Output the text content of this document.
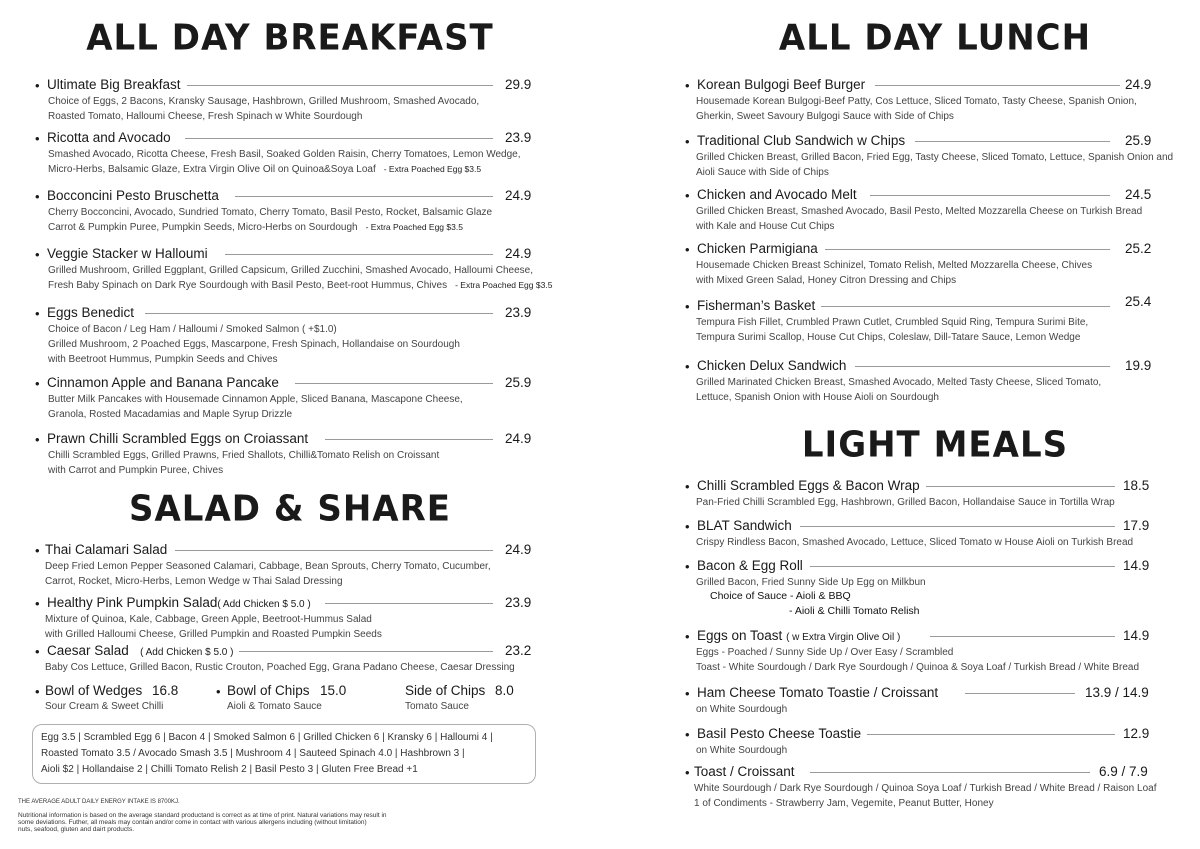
ALL DAY BREAKFAST
• Ultimate Big Breakfast	29.9
Choice of Eggs, 2 Bacons, Kransky Sausage, Hashbrown, Grilled Mushroom, Smashed Avocado,
Roasted Tomato, Halloumi Cheese, Fresh Spinach w White Sourdough
• Ricotta and Avocado	23.9
Smashed Avocado, Ricotta Cheese, Fresh Basil, Soaked Golden Raisin, Cherry Tomatoes, Lemon Wedge,
Micro-Herbs, Balsamic Glaze, Extra Virgin Olive Oil on Quinoa&Soya Loaf - Extra Poached Egg $3.5
• Bocconcini Pesto Bruschetta	24.9
Cherry Bocconcini, Avocado, Sundried Tomato, Cherry Tomato, Basil Pesto, Rocket, Balsamic Glaze
Carrot & Pumpkin Puree, Pumpkin Seeds, Micro-Herbs on Sourdough - Extra Poached Egg $3.5
• Veggie Stacker w Halloumi	24.9
Grilled Mushroom, Grilled Eggplant, Grilled Capsicum, Grilled Zucchini, Smashed Avocado, Halloumi Cheese,
Fresh Baby Spinach on Dark Rye Sourdough with Basil Pesto, Beet-root Hummus, Chives - Extra Poached Egg $3.5
• Eggs Benedict	23.9
Choice of Bacon / Leg Ham / Halloumi / Smoked Salmon ( +$1.0)
Grilled Mushroom, 2 Poached Eggs, Mascarpone, Fresh Spinach, Hollandaise on Sourdough
with Beetroot Hummus, Pumpkin Seeds and Chives
• Cinnamon Apple and Banana Pancake	25.9
Butter Milk Pancakes with Housemade Cinnamon Apple, Sliced Banana, Mascapone Cheese,
Granola, Rosted Macadamias and Maple Syrup Drizzle
• Prawn Chilli Scrambled Eggs on Croiassant	24.9
Chilli Scrambled Eggs, Grilled Prawns, Fried Shallots, Chilli&Tomato Relish on Croissant
with Carrot and Pumpkin Puree, Chives
SALAD & SHARE
• Thai Calamari Salad	24.9
Deep Fried Lemon Pepper Seasoned Calamari, Cabbage, Bean Sprouts, Cherry Tomato, Cucumber,
Carrot, Rocket, Micro-Herbs, Lemon Wedge w Thai Salad Dressing
• Healthy Pink Pumpkin Salad( Add Chicken $ 5.0 )	23.9
Mixture of Quinoa, Kale, Cabbage, Green Apple, Beetroot-Hummus Salad
with Grilled Halloumi Cheese, Grilled Pumpkin and Roasted Pumpkin Seeds
• Caesar Salad ( Add Chicken $ 5.0 )	23.2
Baby Cos Lettuce, Grilled Bacon, Rustic Crouton, Poached Egg, Grana Padano Cheese, Caesar Dressing
• Bowl of Wedges 16.8
Sour Cream & Sweet Chilli
• Bowl of Chips 15.0
Aioli & Tomato Sauce
Side of Chips 8.0
Tomato Sauce
Egg 3.5 | Scrambled Egg 6 | Bacon 4 | Smoked Salmon 6 | Grilled Chicken 6 | Kransky 6 | Halloumi 4 |
Roasted Tomato 3.5 / Avocado Smash 3.5 | Mushroom 4 | Sauteed Spinach 4.0 | Hashbrown 3 |
Aioli $2 | Hollandaise 2 | Chilli Tomato Relish 2 | Basil Pesto 3 | Gluten Free Bread +1
THE AVERAGE ADULT DAILY ENERGY INTAKE IS 8700KJ.
Nutritional information is based on the average standard productand is correct as at time of print. Natural variations may result in
some deviations. Futher, all meals may contain and/or come in contact with various allergens including (without limitation)
nuts, seafood, gluten and dairt products.
ALL DAY LUNCH
• Korean Bulgogi Beef Burger	24.9
Housemade Korean Bulgogi-Beef Patty, Cos Lettuce, Sliced Tomato, Tasty Cheese, Spanish Onion,
Gherkin, Sweet Savoury Bulgogi Sauce with Side of Chips
• Traditional Club Sandwich w Chips	25.9
Grilled Chicken Breast, Grilled Bacon, Fried Egg, Tasty Cheese, Sliced Tomato, Lettuce, Spanish Onion and
Aioli Sauce with Side of Chips
• Chicken and Avocado Melt	24.5
Grilled Chicken Breast, Smashed Avocado, Basil Pesto, Melted Mozzarella Cheese on Turkish Bread
with Kale and House Cut Chips
• Chicken Parmigiana	25.2
Housemade Chicken Breast Schinizel, Tomato Relish, Melted Mozzarella Cheese, Chives
with Mixed Green Salad, Honey Citron Dressing and Chips
• Fisherman’s Basket	25.4
Tempura Fish Fillet, Crumbled Prawn Cutlet, Crumbled Squid Ring, Tempura Surimi Bite,
Tempura Surimi Scallop, House Cut Chips, Coleslaw, Dill-Tatare Sauce, Lemon Wedge
• Chicken Delux Sandwich	19.9
Grilled Marinated Chicken Breast, Smashed Avocado, Melted Tasty Cheese, Sliced Tomato,
Lettuce, Spanish Onion with House Aioli on Sourdough
LIGHT MEALS
• Chilli Scrambled Eggs & Bacon Wrap	18.5
Pan-Fried Chilli Scrambled Egg, Hashbrown, Grilled Bacon, Hollandaise Sauce in Tortilla Wrap
• BLAT Sandwich	17.9
Crispy Rindless Bacon, Smashed Avocado, Lettuce, Sliced Tomato w House Aioli on Turkish Bread
• Bacon & Egg Roll	14.9
Grilled Bacon, Fried Sunny Side Up Egg on Milkbun
Choice of Sauce - Aioli & BBQ
- Aioli & Chilli Tomato Relish
• Eggs on Toast ( w Extra Virgin Olive Oil )	14.9
Eggs - Poached / Sunny Side Up / Over Easy / Scrambled
Toast - White Sourdough / Dark Rye Sourdough / Quinoa & Soya Loaf / Turkish Bread / White Bread
• Ham Cheese Tomato Toastie / Croissant	13.9 / 14.9
on White Sourdough
• Basil Pesto Cheese Toastie	12.9
on White Sourdough
• Toast / Croissant	6.9 / 7.9
White Sourdough / Dark Rye Sourdough / Quinoa Soya Loaf / Turkish Bread / White Bread / Raison Loaf
1 of Condiments - Strawberry Jam, Vegemite, Peanut Butter, Honey
